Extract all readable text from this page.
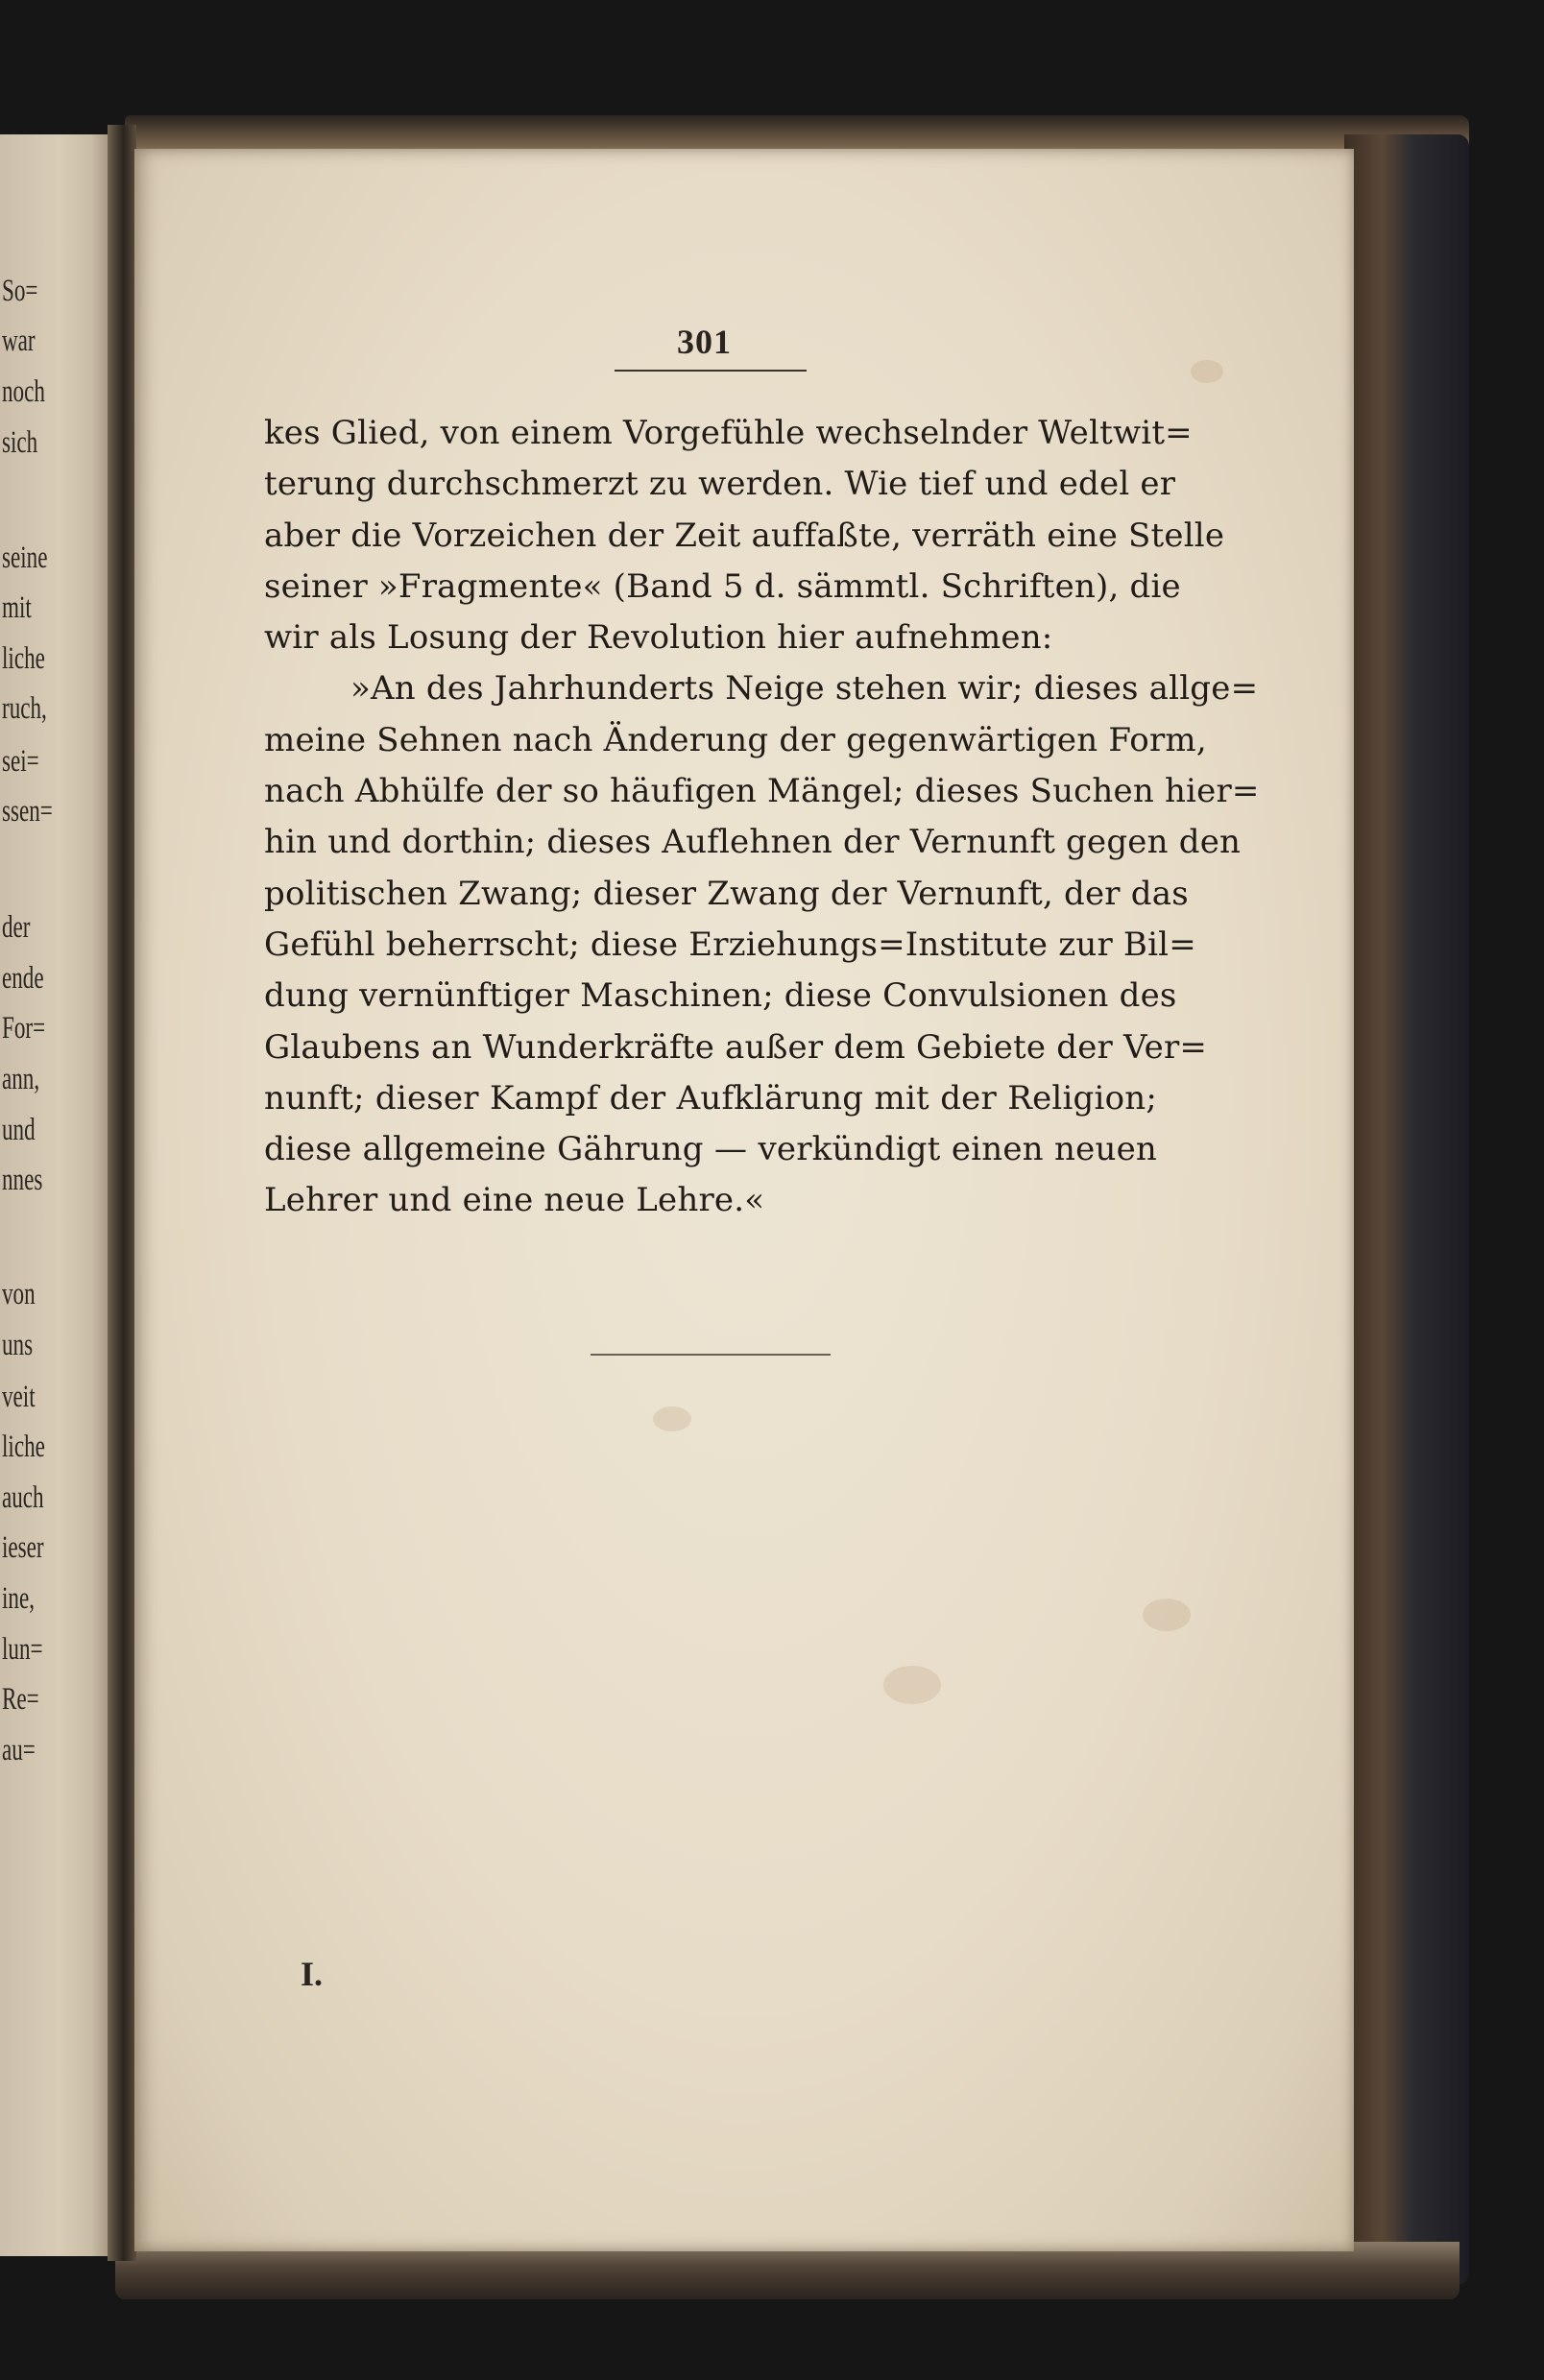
So=
war
noch
sich
seine
mit
liche
ruch,
sei=
ssen=
der
ende
For=
ann,
und
nnes
von
uns
veit
liche
auch
ieser
ine,
lun=
Re=
au=
301
kes Glied, von einem Vorgefühle wechselnder Weltwit=
terung durchschmerzt zu werden. Wie tief und edel er
aber die Vorzeichen der Zeit auffaßte, verräth eine Stelle
seiner »Fragmente« (Band 5 d. sämmtl. Schriften), die
wir als Losung der Revolution hier aufnehmen:
»An des Jahrhunderts Neige stehen wir; dieses allge=
meine Sehnen nach Änderung der gegenwärtigen Form,
nach Abhülfe der so häufigen Mängel; dieses Suchen hier=
hin und dorthin; dieses Auflehnen der Vernunft gegen den
politischen Zwang; dieser Zwang der Vernunft, der das
Gefühl beherrscht; diese Erziehungs=Institute zur Bil=
dung vernünftiger Maschinen; diese Convulsionen des
Glaubens an Wunderkräfte außer dem Gebiete der Ver=
nunft; dieser Kampf der Aufklärung mit der Religion;
diese allgemeine Gährung — verkündigt einen neuen
Lehrer und eine neue Lehre.«
I.
